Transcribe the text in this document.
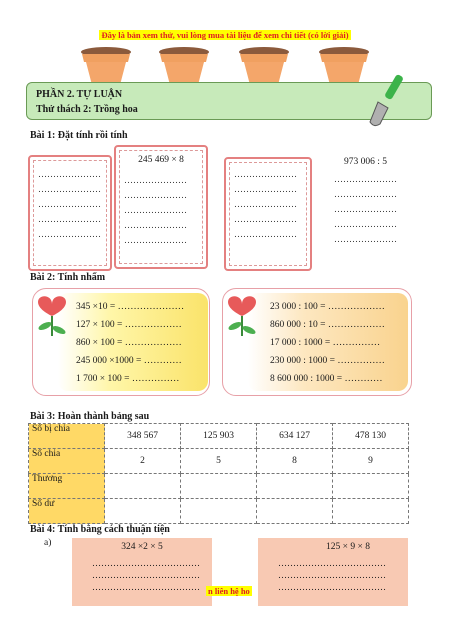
Đây là bản xem thử, vui lòng mua tài liệu để xem chi tiết (có lời giải)
PHẦN 2. TỰ LUẬN
Thử thách 2: Trồng hoa
Bài 1: Đặt tính rồi tính
…………………
…………………
…………………
…………………
…………………
245 469 × 8
…………………
…………………
…………………
…………………
…………………
…………………
…………………
…………………
…………………
…………………
973 006 : 5
…………………
…………………
…………………
…………………
…………………
Bài 2: Tính nhẩm
345 ×10 = …………………
127 × 100 = ………………
860 × 100 = ………………
245 000 ×1000 = …………
1 700 × 100 = ……………
23 000 : 100 = ………………
860 000 : 10 = ………………
17 000 : 1000 = ……………
230 000 : 1000 = ……………
8 600 000 : 1000 = …………
Bài 3: Hoàn thành bảng sau
Số bị chia	348 567	125 903	634 127	478 130
Số chia	2	5	8	9
Thương				
Số dư				
Bài 4: Tính bằng cách thuận tiện
a)	324 ×2 × 5
………………………………
………………………………
………………………………
125 × 9 × 8
………………………………
………………………………
………………………………
n liên hệ ho
